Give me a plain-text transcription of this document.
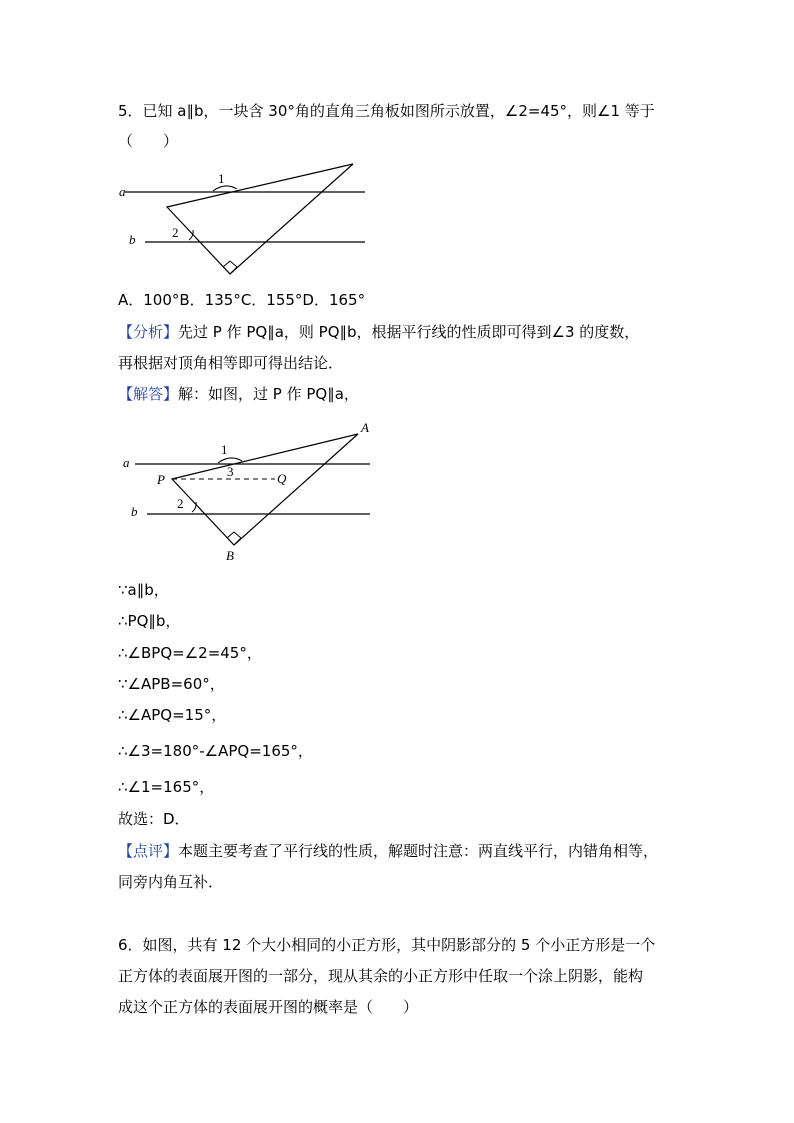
5．已知 a∥b，一块含 30°角的直角三角板如图所示放置，∠2=45°，则∠1 等于
（　　）
a
b
1
2
A．100°B．135°C．155°D．165°
【分析】先过 P 作 PQ∥a，则 PQ∥b，根据平行线的性质即可得到∠3 的度数，
再根据对顶角相等即可得出结论．
【解答】解：如图，过 P 作 PQ∥a，
a
b
1
3
2
A
P	Q
B
∵a∥b，
∴PQ∥b，
∴∠BPQ=∠2=45°，
∵∠APB=60°，
∴∠APQ=15°，
∴∠3=180°-∠APQ=165°，
∴∠1=165°，
故选：D．
【点评】本题主要考查了平行线的性质，解题时注意：两直线平行，内错角相等，
同旁内角互补．
6．如图，共有 12 个大小相同的小正方形，其中阴影部分的 5 个小正方形是一个
正方体的表面展开图的一部分，现从其余的小正方形中任取一个涂上阴影，能构
成这个正方体的表面展开图的概率是（　　）
